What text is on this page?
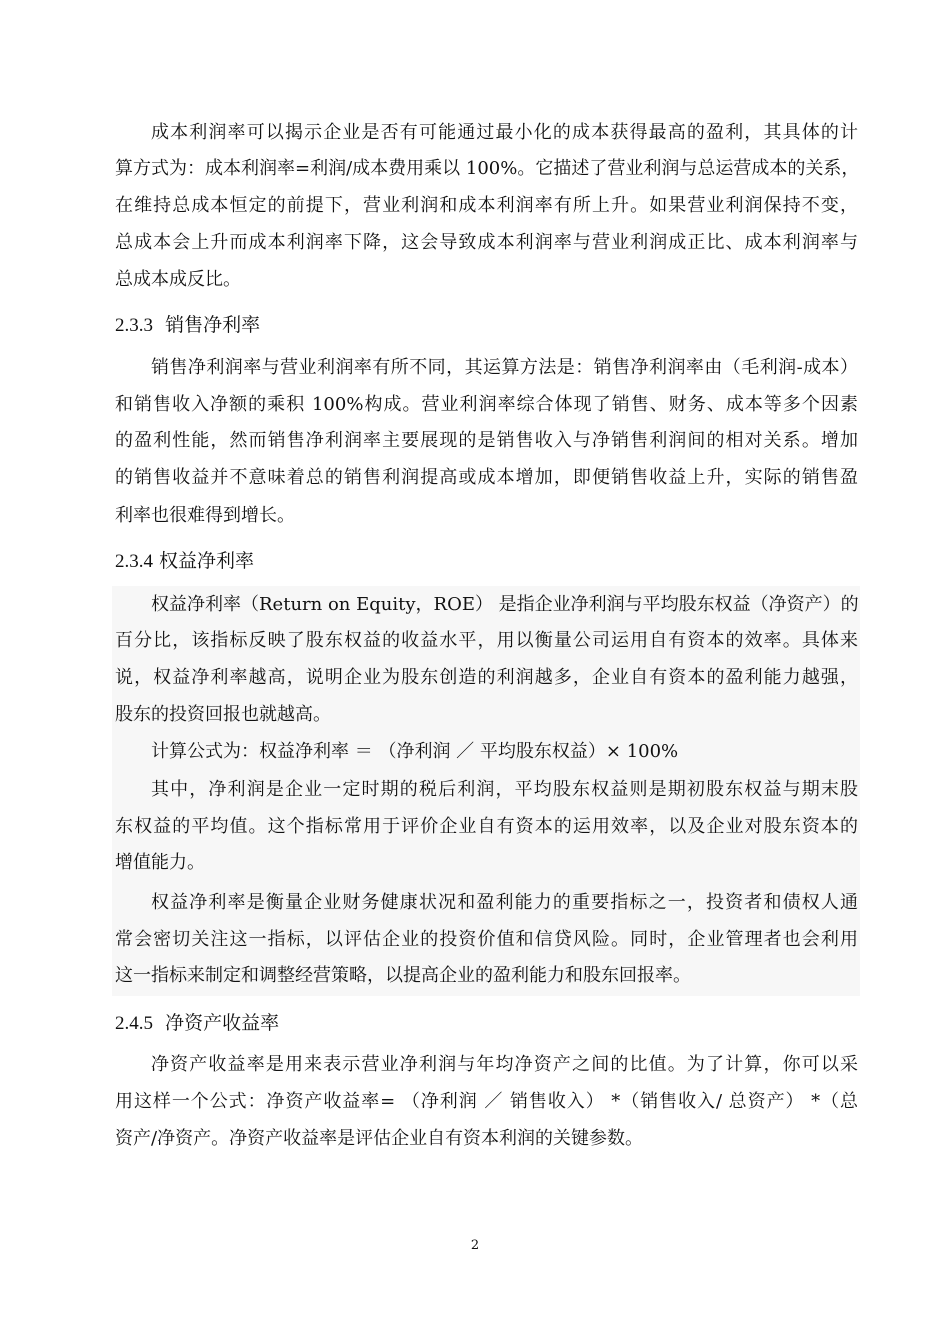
成本利润率可以揭示企业是否有可能通过最小化的成本获得最高的盈利，其具体的计
算方式为：成本利润率=利润/成本费用乘以 100%。它描述了营业利润与总运营成本的关系，
在维持总成本恒定的前提下，营业利润和成本利润率有所上升。如果营业利润保持不变，
总成本会上升而成本利润率下降，这会导致成本利润率与营业利润成正比、成本利润率与
总成本成反比。
2.3.3 销售净利率
销售净利润率与营业利润率有所不同，其运算方法是：销售净利润率由（毛利润-成本）
和销售收入净额的乘积 100%构成。营业利润率综合体现了销售、财务、成本等多个因素
的盈利性能，然而销售净利润率主要展现的是销售收入与净销售利润间的相对关系。增加
的销售收益并不意味着总的销售利润提高或成本增加，即便销售收益上升，实际的销售盈
利率也很难得到增长。
2.3.4 权益净利率
权益净利率（Return on Equity，ROE） 是指企业净利润与平均股东权益（净资产）的
百分比，该指标反映了股东权益的收益水平，用以衡量公司运用自有资本的效率。具体来
说，权益净利率越高，说明企业为股东创造的利润越多，企业自有资本的盈利能力越强，
股东的投资回报也就越高。
计算公式为：权益净利率 ＝ （净利润 ／ 平均股东权益）× 100%
其中，净利润是企业一定时期的税后利润，平均股东权益则是期初股东权益与期末股
东权益的平均值。这个指标常用于评价企业自有资本的运用效率，以及企业对股东资本的
增值能力。
权益净利率是衡量企业财务健康状况和盈利能力的重要指标之一，投资者和债权人通
常会密切关注这一指标，以评估企业的投资价值和信贷风险。同时，企业管理者也会利用
这一指标来制定和调整经营策略，以提高企业的盈利能力和股东回报率。
2.4.5 净资产收益率
净资产收益率是用来表示营业净利润与年均净资产之间的比值。为了计算，你可以采
用这样一个公式：净资产收益率= （净利润 ／ 销售收入） *（销售收入/ 总资产） *（总
资产/净资产。净资产收益率是评估企业自有资本利润的关键参数。
2
